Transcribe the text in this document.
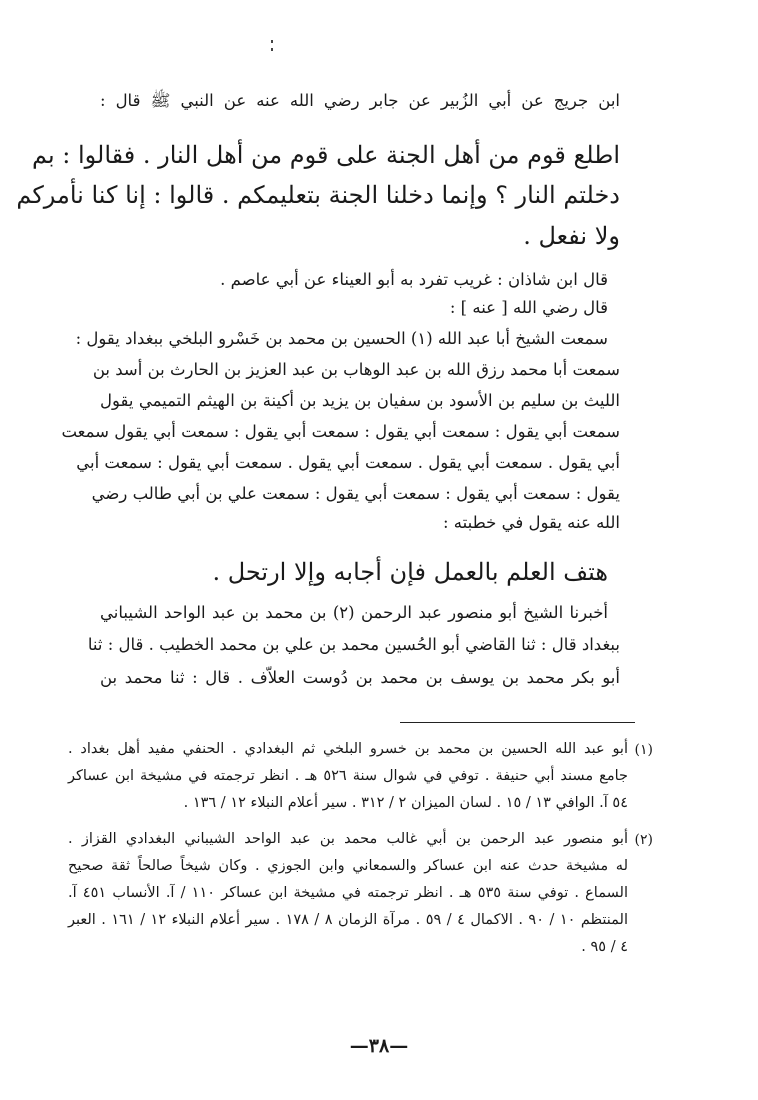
ابن جريج عن أبي الزُبير عن جابر رضي الله عنه عن النبي ﷺ قال :
اطلع قوم من أهل الجنة على قوم من أهل النار . فقالوا : بم
دخلتم النار ؟ وإنما دخلنا الجنة بتعليمكم . قالوا : إنا كنا نأمركم
ولا نفعل .
قال ابن شاذان : غريب تفرد به أبو العيناء عن أبي عاصم .
قال رضي الله [ عنه ] :
سمعت الشيخ أبا عبد الله (١) الحسين بن محمد بن خَسْرو البلخي ببغداد يقول :
سمعت أبا محمد رزق الله بن عبد الوهاب بن عبد العزيز بن الحارث بن أسد بن
الليث بن سليم بن الأسود بن سفيان بن يزيد بن أكينة بن الهيثم التميمي يقول
سمعت أبي يقول : سمعت أبي يقول : سمعت أبي يقول : سمعت أبي يقول سمعت
أبي يقول . سمعت أبي يقول . سمعت أبي يقول . سمعت أبي يقول : سمعت أبي
يقول : سمعت أبي يقول : سمعت أبي يقول : سمعت علي بن أبي طالب رضي
الله عنه يقول في خطبته :
هتف العلم بالعمل فإن أجابه وإلا ارتحل .
أخبرنا الشيخ أبو منصور عبد الرحمن (٢) بن محمد بن عبد الواحد الشيباني
ببغداد قال : ثنا القاضي أبو الحُسين محمد بن علي بن محمد الخطيب . قال : ثنا
أبو بكر محمد بن يوسف بن محمد بن دُوست العلاّف . قال : ثنا محمد بن
(١)
أبو عبد الله الحسين بن محمد بن خسرو البلخي ثم البغدادي . الحنفي مفيد أهل بغداد .
جامع مسند أبي حنيفة . توفي في شوال سنة ٥٢٦ هـ . انظر ترجمته في مشيخة ابن عساكر
٥٤ آ. الوافي ١٣ / ١٥ . لسان الميزان ٢ / ٣١٢ . سير أعلام النبلاء ١٢ / ١٣٦ .
(٢)
أبو منصور عبد الرحمن بن أبي غالب محمد بن عبد الواحد الشيباني البغدادي القزاز .
له مشيخة حدث عنه ابن عساكر والسمعاني وابن الجوزي . وكان شيخاً صالحاً ثقة صحيح
السماع . توفي سنة ٥٣٥ هـ . انظر ترجمته في مشيخة ابن عساكر ١١٠ / آ. الأنساب ٤٥١ آ.
المنتظم ١٠ / ٩٠ . الاكمال ٤ / ٥٩ . مرآة الزمان ٨ / ١٧٨ . سير أعلام النبلاء ١٢ / ١٦١ . العبر
٤ / ٩٥ .
—٣٨—
